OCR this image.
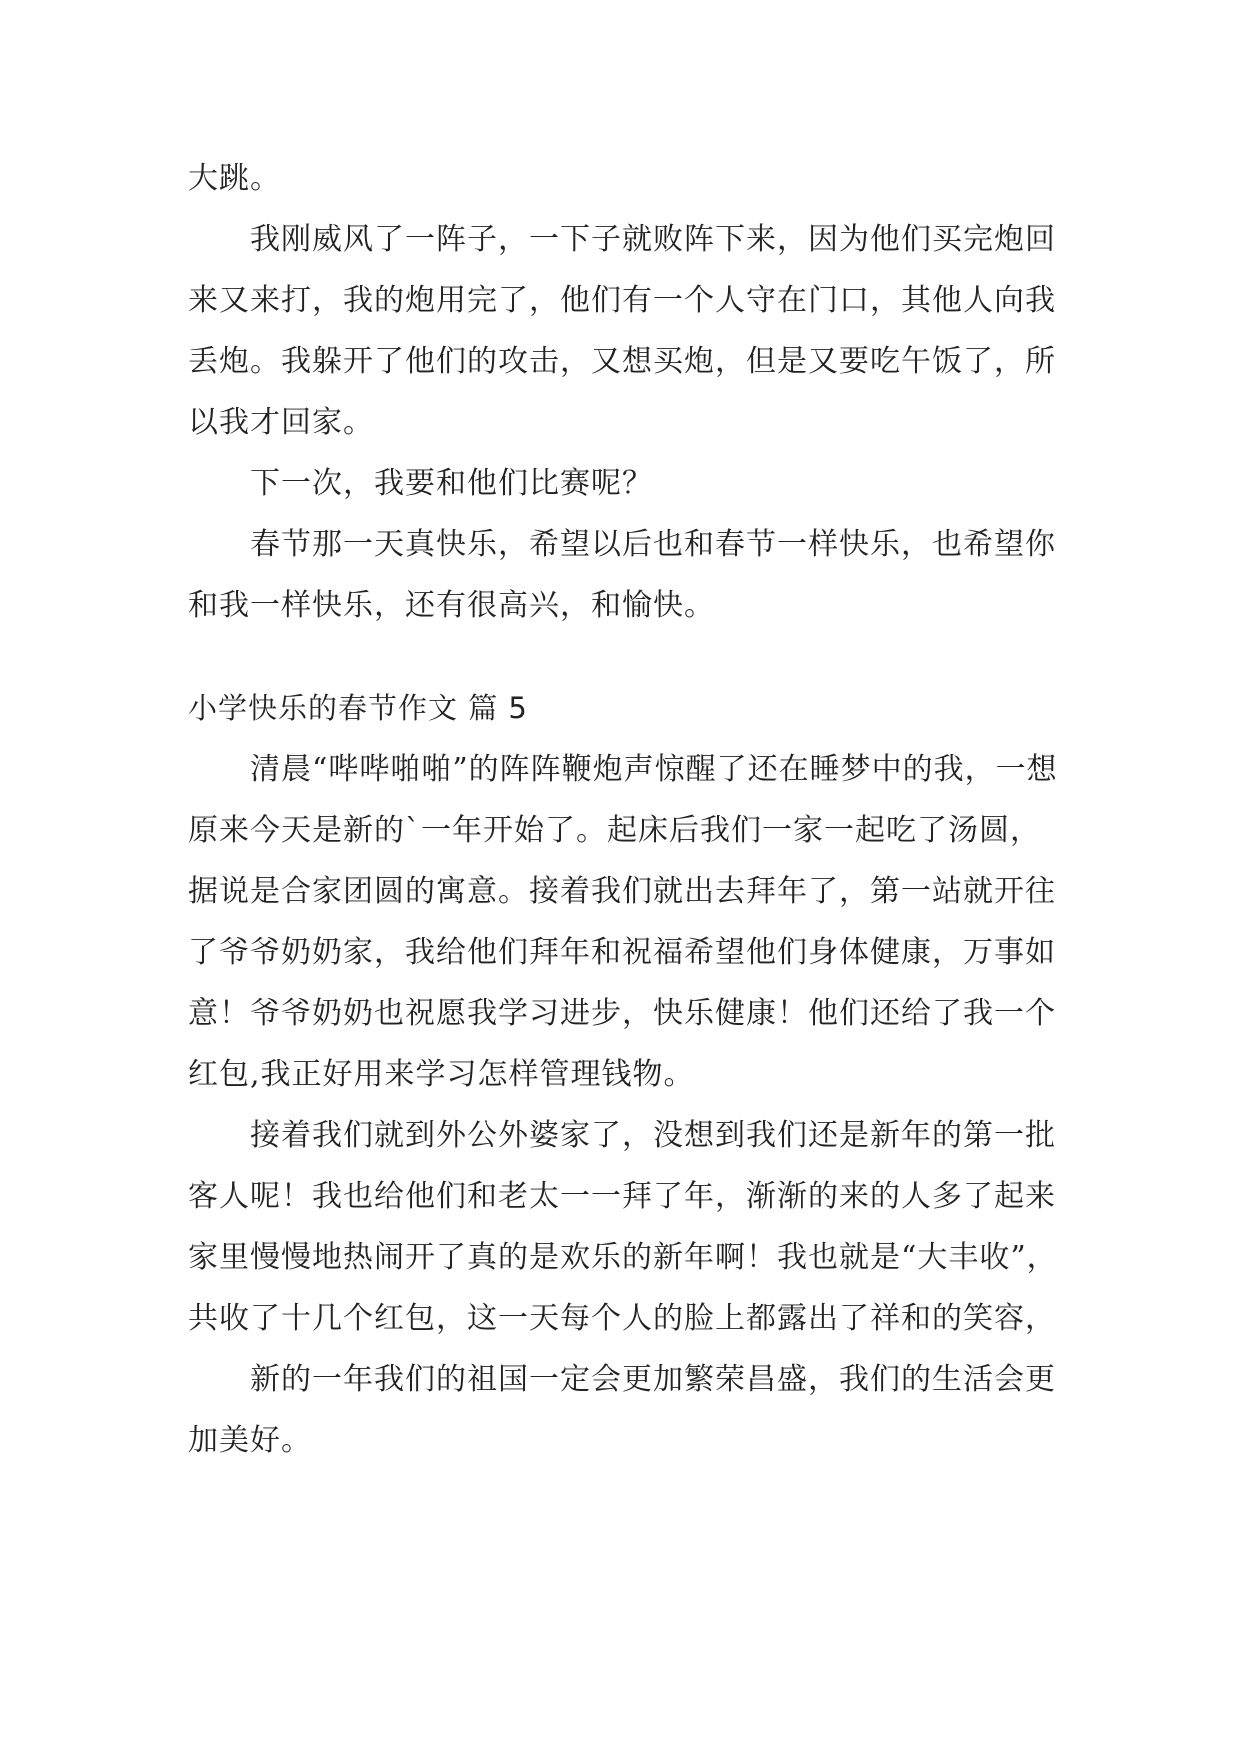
大跳。

我刚威风了一阵子，一下子就败阵下来，因为他们买完炮回来又来打，我的炮用完了，他们有一个人守在门口，其他人向我丢炮。我躲开了他们的攻击，又想买炮，但是又要吃午饭了，所以我才回家。

下一次，我要和他们比赛呢？

春节那一天真快乐，希望以后也和春节一样快乐，也希望你和我一样快乐，还有很高兴，和愉快。

小学快乐的春节作文 篇 5

清晨“哔哔啪啪”的阵阵鞭炮声惊醒了还在睡梦中的我，一想原来今天是新的`一年开始了。起床后我们一家一起吃了汤圆，据说是合家团圆的寓意。接着我们就出去拜年了，第一站就开往了爷爷奶奶家，我给他们拜年和祝福希望他们身体健康，万事如意！爷爷奶奶也祝愿我学习进步，快乐健康！他们还给了我一个红包,我正好用来学习怎样管理钱物。

接着我们就到外公外婆家了，没想到我们还是新年的第一批客人呢！我也给他们和老太一一拜了年，渐渐的来的人多了起来家里慢慢地热闹开了真的是欢乐的新年啊！我也就是“大丰收”，共收了十几个红包，这一天每个人的脸上都露出了祥和的笑容，

新的一年我们的祖国一定会更加繁荣昌盛，我们的生活会更加美好。
